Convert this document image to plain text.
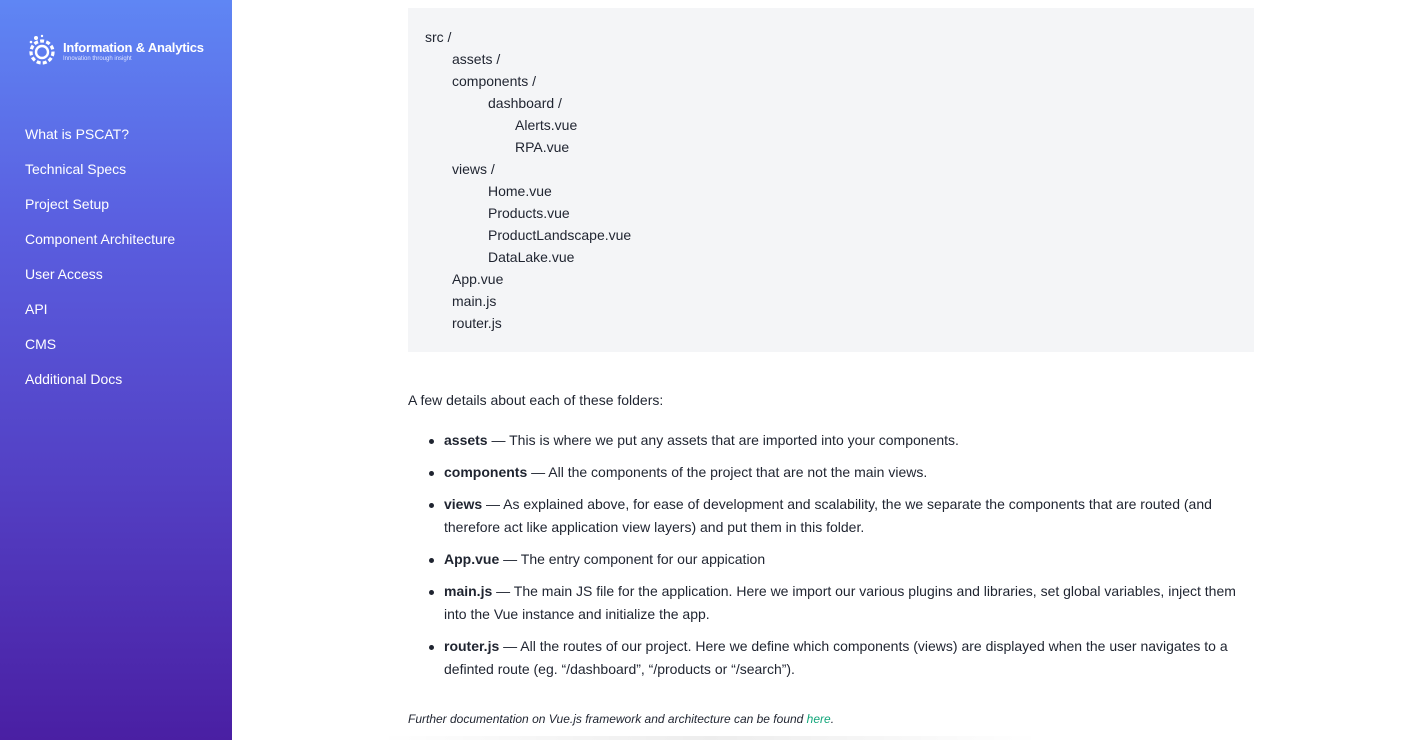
Information & Analytics
Innovation through insight
What is PSCAT?
Technical Specs
Project Setup
Component Architecture
User Access
API
CMS
Additional Docs
src /
assets /
components /
dashboard /
Alerts.vue
RPA.vue
views /
Home.vue
Products.vue
ProductLandscape.vue
DataLake.vue
App.vue
main.js
router.js

A few details about each of these folders:

assets — This is where we put any assets that are imported into your components.
components — All the components of the project that are not the main views.
views — As explained above, for ease of development and scalability, the we separate the components that are routed (and therefore act like application view layers) and put them in this folder.
App.vue — The entry component for our appication
main.js — The main JS file for the application. Here we import our various plugins and libraries, set global variables, inject them into the Vue instance and initialize the app.
router.js — All the routes of our project. Here we define which components (views) are displayed when the user navigates to a definted route (eg. “/dashboard”, “/products or “/search”).

Further documentation on Vue.js framework and architecture can be found here.
